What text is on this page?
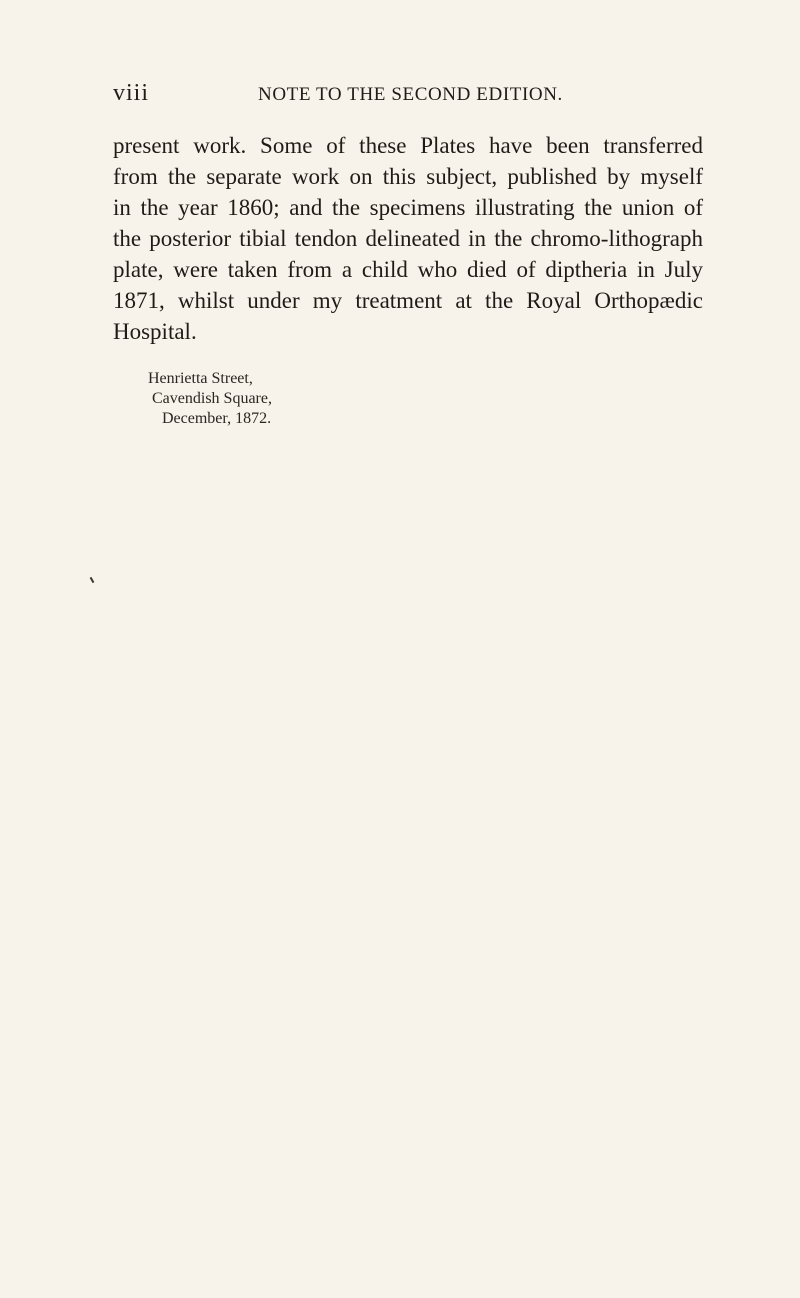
viii	NOTE TO THE SECOND EDITION.
present work. Some of these Plates have been transferred
from the separate work on this subject, published by myself
in the year 1860; and the specimens illustrating the union of
the posterior tibial tendon delineated in the chromo-lithograph
plate, were taken from a child who died of diptheria in July
1871, whilst under my treatment at the Royal Orthopædic
Hospital.
Henrietta Street,
Cavendish Square,
December, 1872.
